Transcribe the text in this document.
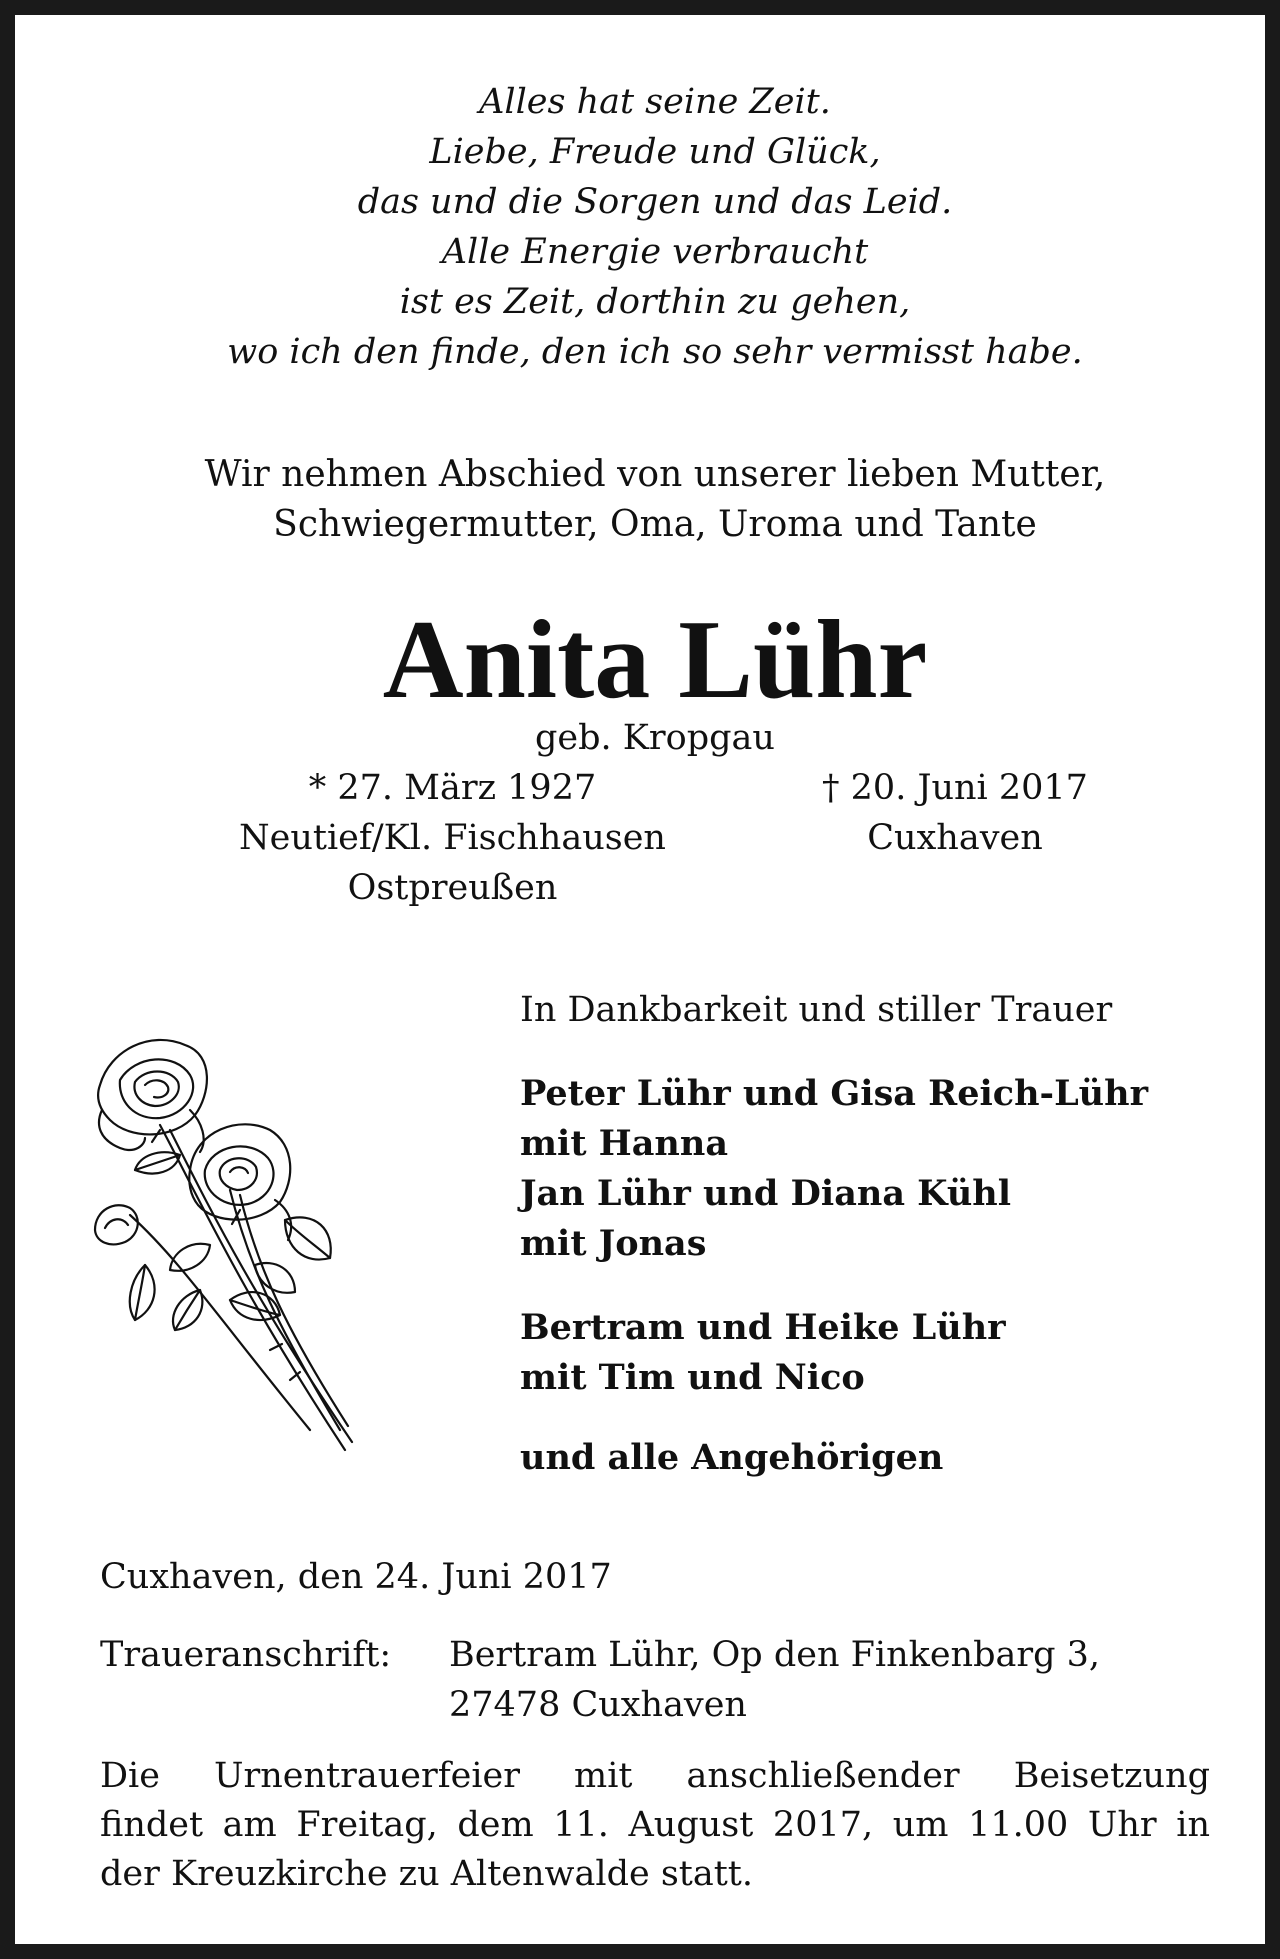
Alles hat seine Zeit.
Liebe, Freude und Glück,
das und die Sorgen und das Leid.
Alle Energie verbraucht
ist es Zeit, dorthin zu gehen,
wo ich den finde, den ich so sehr vermisst habe.
Wir nehmen Abschied von unserer lieben Mutter,
Schwiegermutter, Oma, Uroma und Tante
Anita Lühr
geb. Kropgau
* 27. März 1927
Neutief/Kl. Fischhausen
Ostpreußen
† 20. Juni 2017
Cuxhaven
In Dankbarkeit und stiller Trauer
Peter Lühr und Gisa Reich-Lühr
mit Hanna
Jan Lühr und Diana Kühl
mit Jonas
Bertram und Heike Lühr
mit Tim und Nico
und alle Angehörigen
Cuxhaven, den 24. Juni 2017
Traueranschrift: Bertram Lühr, Op den Finkenbarg 3,
27478 Cuxhaven
Die Urnentrauerfeier mit anschließender Beisetzung
findet am Freitag, dem 11. August 2017, um 11.00 Uhr in
der Kreuzkirche zu Altenwalde statt.
